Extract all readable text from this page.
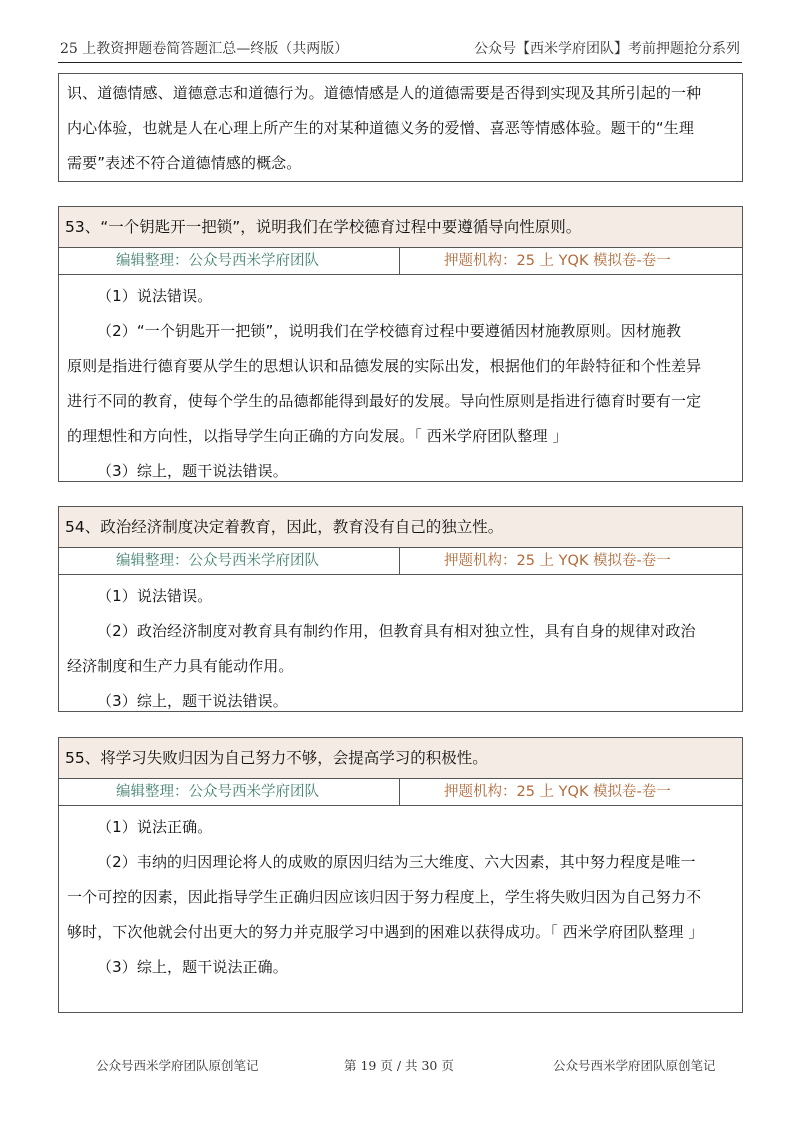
25 上教资押题卷简答题汇总—终版（共两版）	公众号【西米学府团队】考前押题抢分系列

识、道德情感、道德意志和道德行为。道德情感是人的道德需要是否得到实现及其所引起的一种

内心体验，也就是人在心理上所产生的对某种道德义务的爱憎、喜恶等情感体验。题干的“生理

需要”表述不符合道德情感的概念。

53、“一个钥匙开一把锁”，说明我们在学校德育过程中要遵循导向性原则。
编辑整理：公众号西米学府团队	押题机构：25 上 YQK 模拟卷-卷一

（1）说法错误。

（2）“一个钥匙开一把锁”，说明我们在学校德育过程中要遵循因材施教原则。因材施教

原则是指进行德育要从学生的思想认识和品德发展的实际出发，根据他们的年龄特征和个性差异

进行不同的教育，使每个学生的品德都能得到最好的发展。导向性原则是指进行德育时要有一定

的理想性和方向性，以指导学生向正确的方向发展。「 西米学府团队整理 」

（3）综上，题干说法错误。

54、政治经济制度决定着教育，因此，教育没有自己的独立性。
编辑整理：公众号西米学府团队	押题机构：25 上 YQK 模拟卷-卷一

（1）说法错误。

（2）政治经济制度对教育具有制约作用，但教育具有相对独立性，具有自身的规律对政治

经济制度和生产力具有能动作用。

（3）综上，题干说法错误。

55、将学习失败归因为自己努力不够，会提高学习的积极性。
编辑整理：公众号西米学府团队	押题机构：25 上 YQK 模拟卷-卷一

（1）说法正确。

（2）韦纳的归因理论将人的成败的原因归结为三大维度、六大因素，其中努力程度是唯一

一个可控的因素，因此指导学生正确归因应该归因于努力程度上，学生将失败归因为自己努力不

够时，下次他就会付出更大的努力并克服学习中遇到的困难以获得成功。「 西米学府团队整理 」

（3）综上，题干说法正确。

公众号西米学府团队原创笔记	第 19 页 / 共 30 页	公众号西米学府团队原创笔记
